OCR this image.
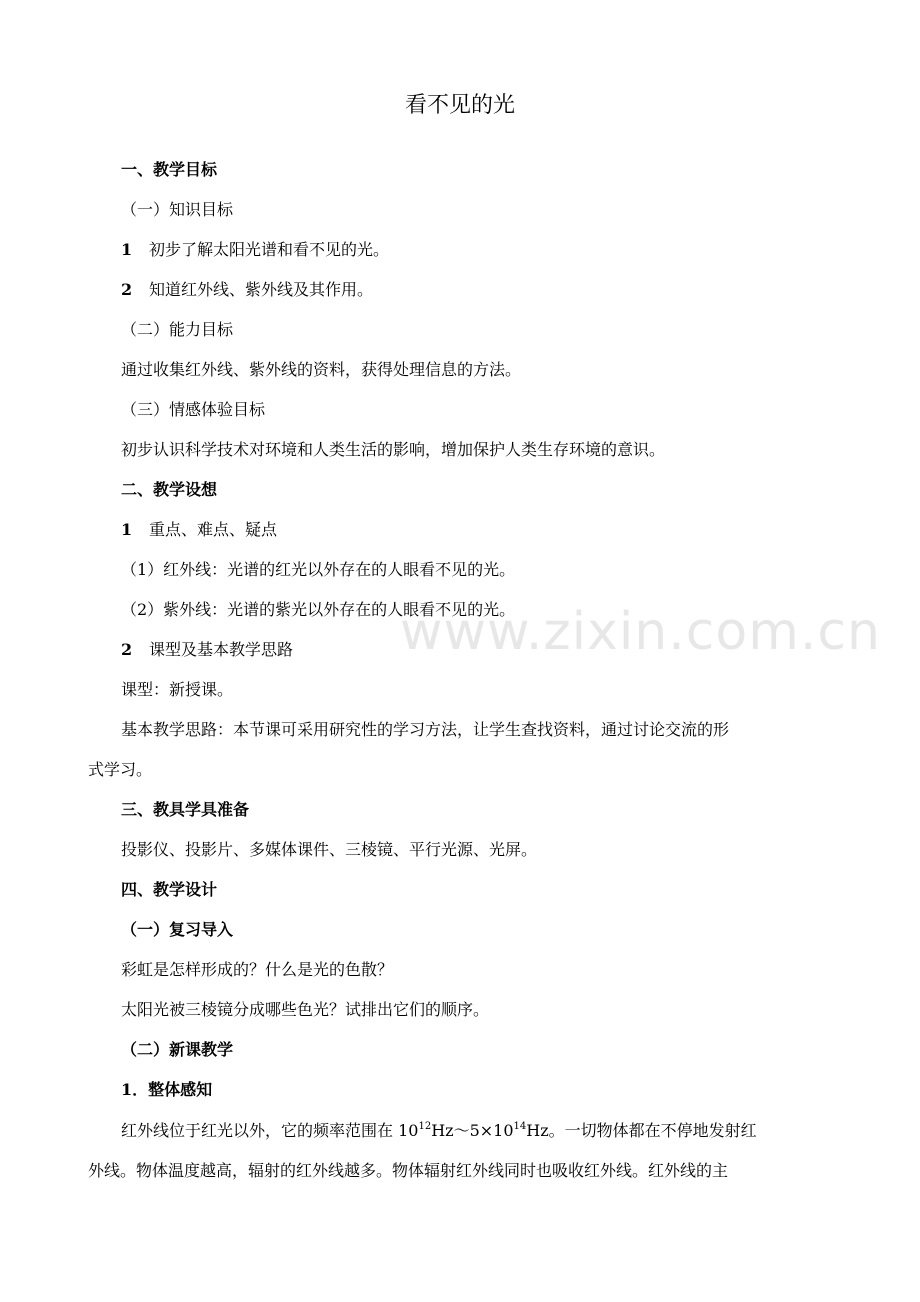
www.zixin.com.cn
看不见的光
一、教学目标
（一）知识目标
1 初步了解太阳光谱和看不见的光。
2 知道红外线、紫外线及其作用。
（二）能力目标
通过收集红外线、紫外线的资料，获得处理信息的方法。
（三）情感体验目标
初步认识科学技术对环境和人类生活的影响，增加保护人类生存环境的意识。
二、教学设想
1 重点、难点、疑点
（1）红外线：光谱的红光以外存在的人眼看不见的光。
（2）紫外线：光谱的紫光以外存在的人眼看不见的光。
2 课型及基本教学思路
课型：新授课。
基本教学思路：本节课可采用研究性的学习方法，让学生查找资料，通过讨论交流的形
式学习。
三、教具学具准备
投影仪、投影片、多媒体课件、三棱镜、平行光源、光屏。
四、教学设计
（一）复习导入
彩虹是怎样形成的？什么是光的色散？
太阳光被三棱镜分成哪些色光？试排出它们的顺序。
（二）新课教学
1．整体感知
红外线位于红光以外，它的频率范围在 $10^{12}Hz\sim 5\times 10^{14}Hz$。一切物体都在不停地发射红
外线。物体温度越高，辐射的红外线越多。物体辐射红外线同时也吸收红外线。红外线的主
